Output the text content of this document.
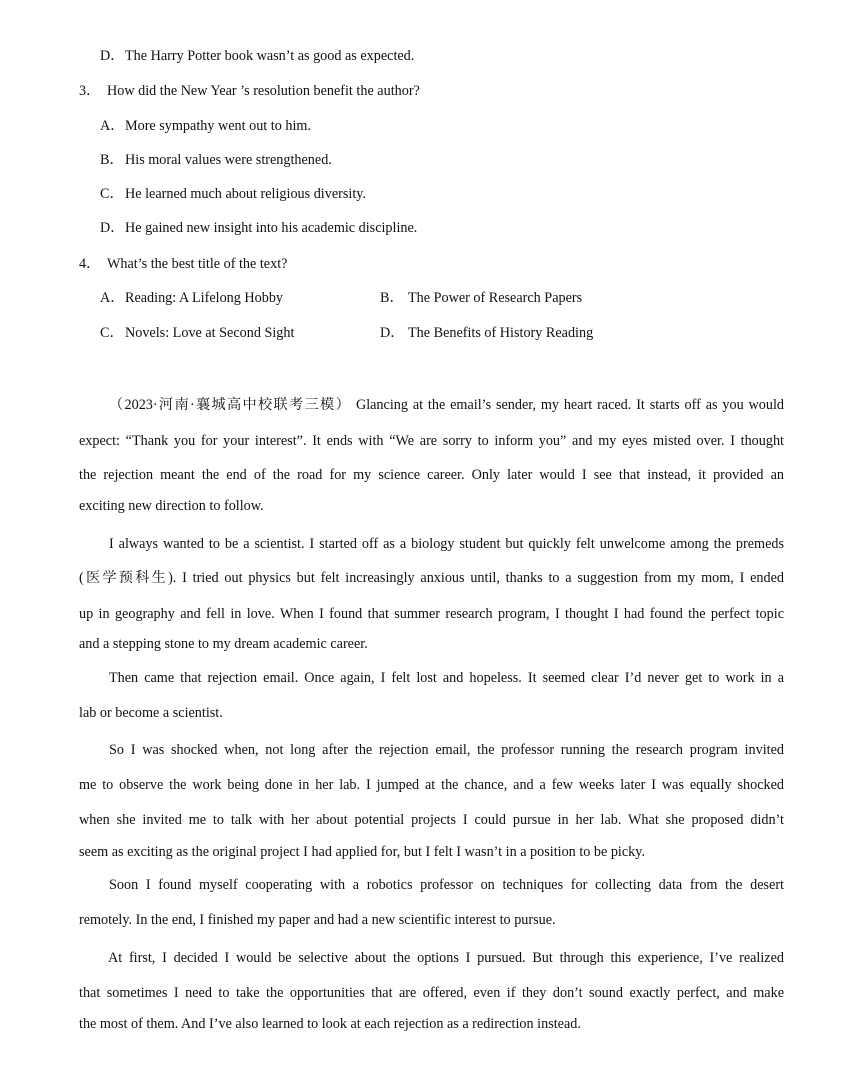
D．The Harry Potter book wasn’t as good as expected.
3． How did the New Year ’s resolution benefit the author?
A．More sympathy went out to him.
B．His moral values were strengthened.
C．He learned much about religious diversity.
D．He gained new insight into his academic discipline.
4． What’s the best title of the text?
A．Reading: A Lifelong Hobby	B． The Power of Research Papers
C．Novels: Love at Second Sight	D． The Benefits of History Reading
（2023·河南·襄城高中校联考三模） Glancing at the email’s sender, my heart raced. It starts off as you would
expect: “Thank you for your interest”. It ends with “We are sorry to inform you” and my eyes misted over. I thought
the rejection meant the end of the road for my science career. Only later would I see that instead, it provided an
exciting new direction to follow.
I always wanted to be a scientist. I started off as a biology student but quickly felt unwelcome among the premeds
(医学预科生). I tried out physics but felt increasingly anxious until, thanks to a suggestion from my mom, I ended
up in geography and fell in love. When I found that summer research program, I thought I had found the perfect topic
and a stepping stone to my dream academic career.
Then came that rejection email. Once again, I felt lost and hopeless. It seemed clear I’d never get to work in a
lab or become a scientist.
So I was shocked when, not long after the rejection email, the professor running the research program invited
me to observe the work being done in her lab. I jumped at the chance, and a few weeks later I was equally shocked
when she invited me to talk with her about potential projects I could pursue in her lab. What she proposed didn’t
seem as exciting as the original project I had applied for, but I felt I wasn’t in a position to be picky.
Soon I found myself cooperating with a robotics professor on techniques for collecting data from the desert
remotely. In the end, I finished my paper and had a new scientific interest to pursue.
At first, I decided I would be selective about the options I pursued. But through this experience, I’ve realized
that sometimes I need to take the opportunities that are offered, even if they don’t sound exactly perfect, and make
the most of them. And I’ve also learned to look at each rejection as a redirection instead.
